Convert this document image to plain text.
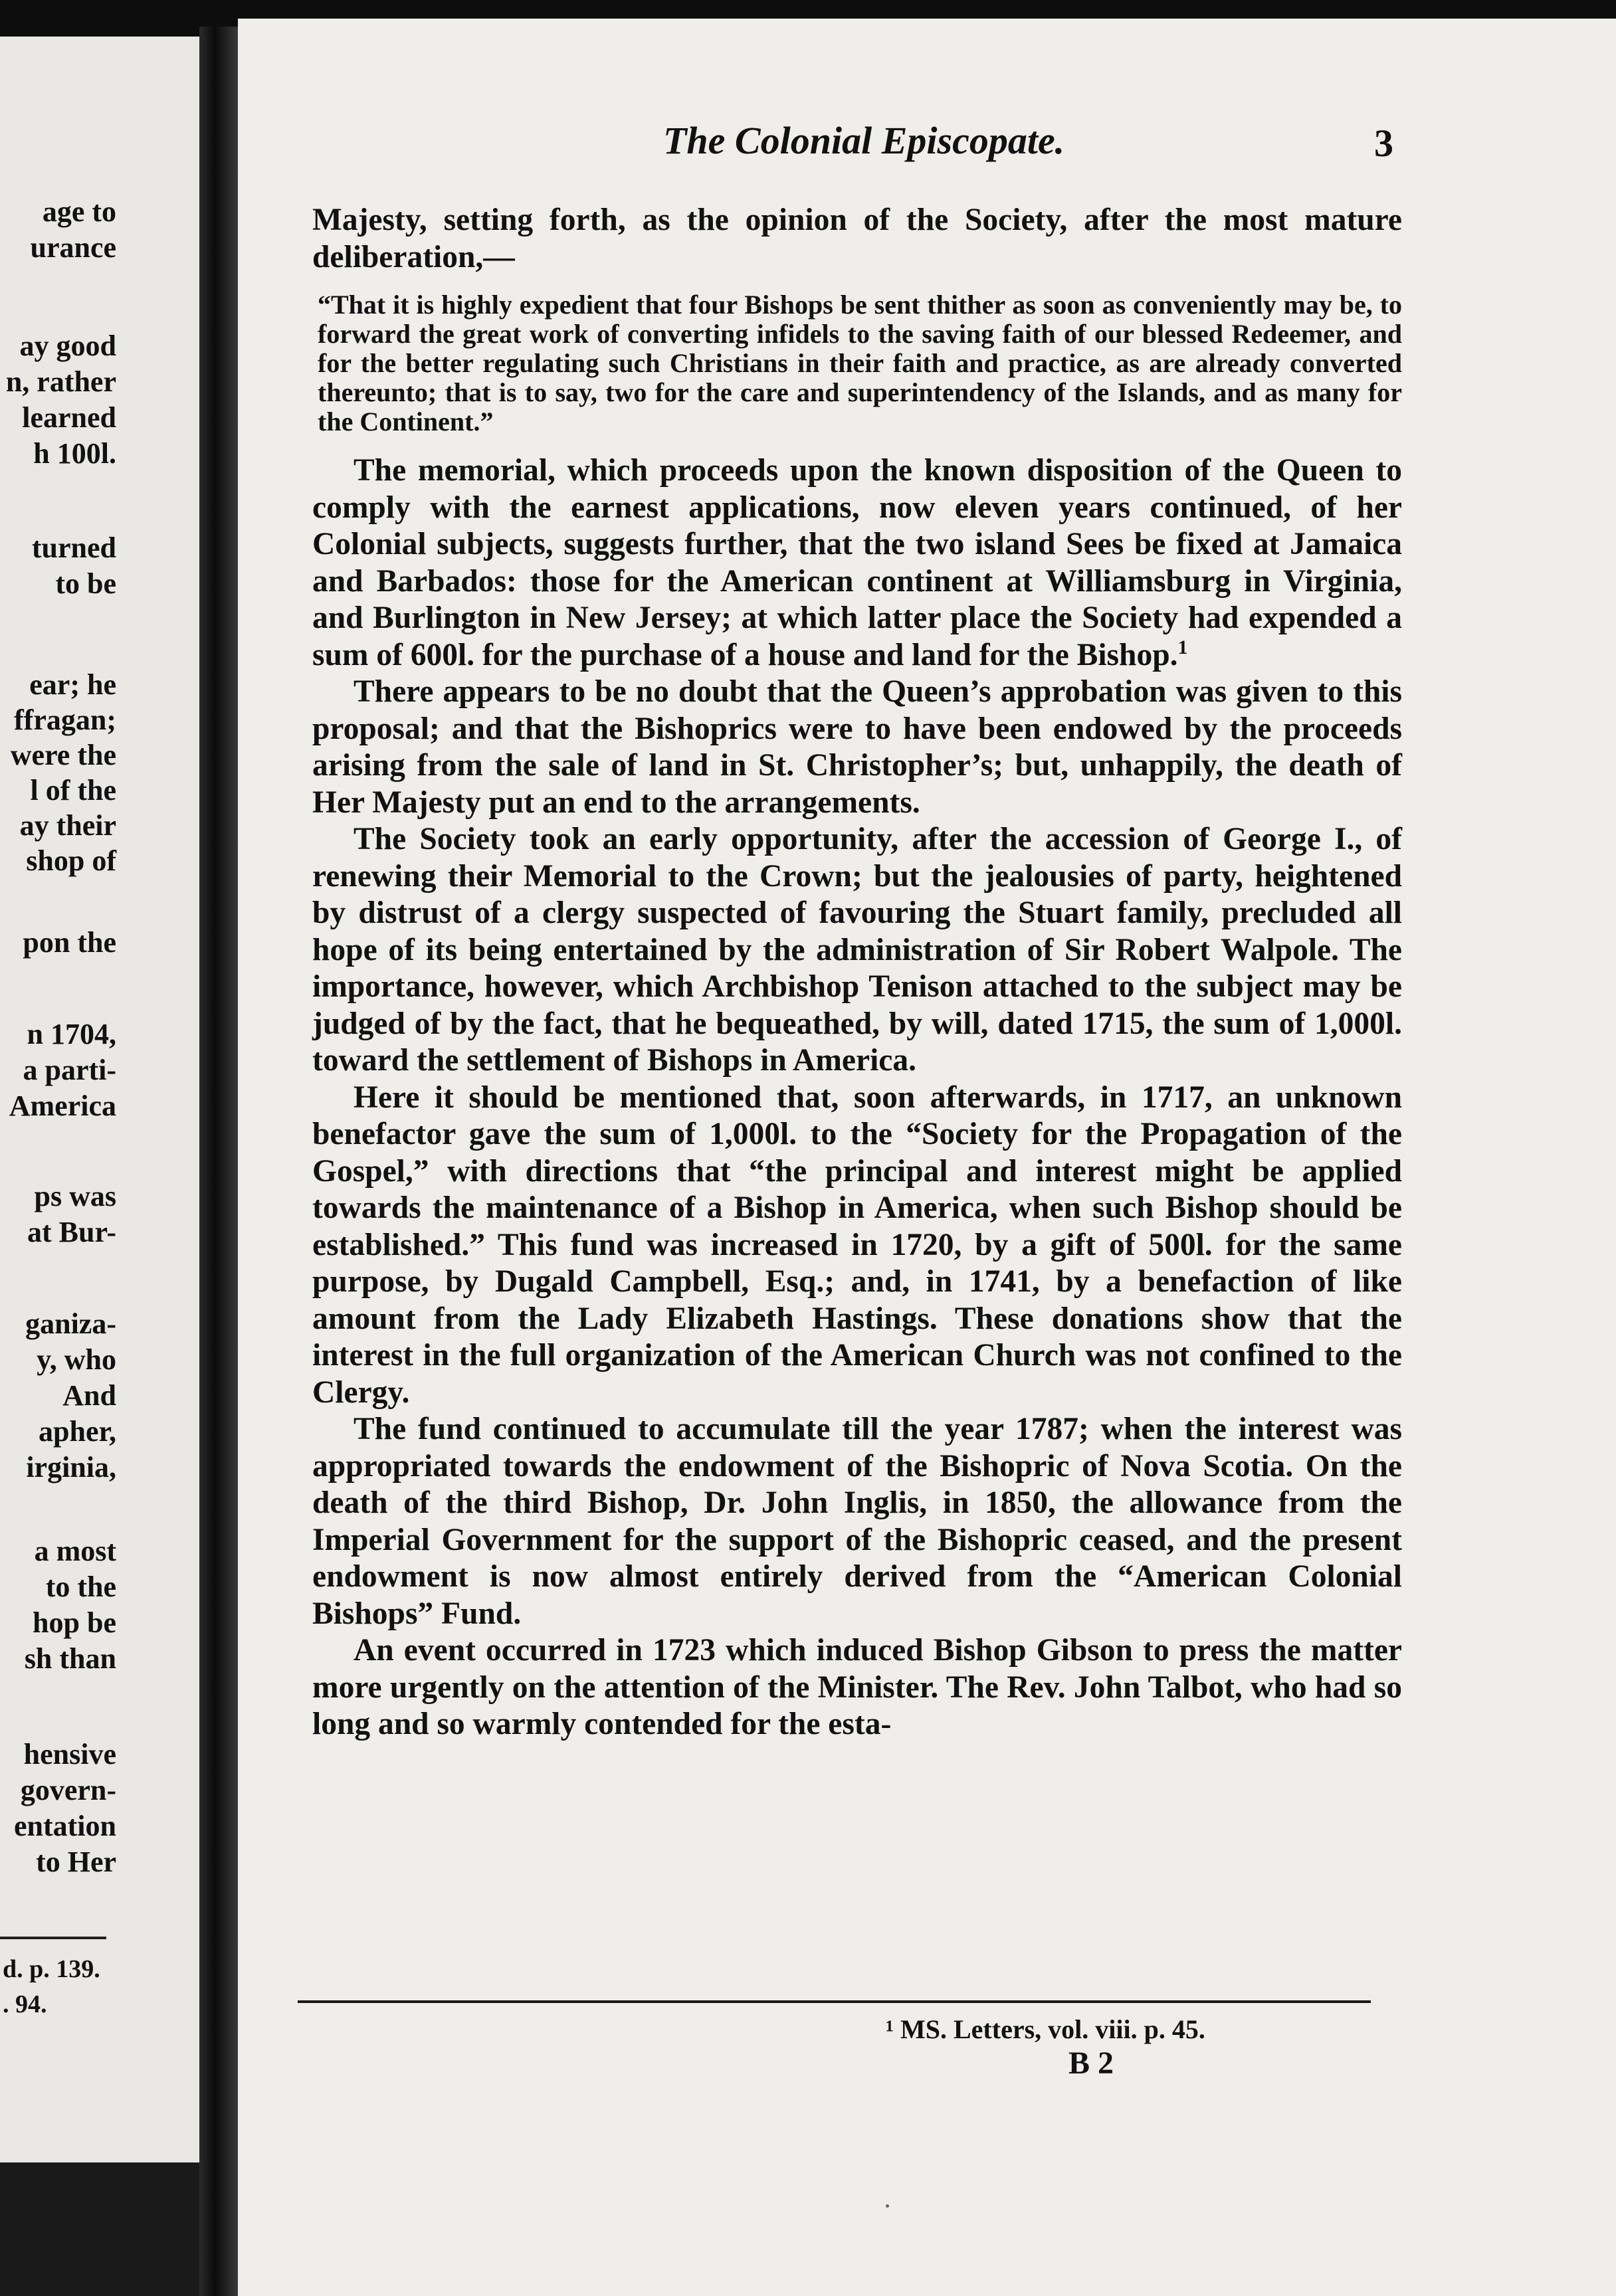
age to
urance
ay good
n, rather
learned
h 100l.
turned
to be
ear; he
ffragan;
were the
l of the
ay their
shop of
pon the
n 1704,
a parti-
America
ps was
at Bur-
ganiza-
y, who
And
apher,
irginia,
a most
to the
hop be
sh than
hensive
govern-
entation
to Her
d. p. 139.
. 94.
The Colonial Episcopate.	3

Majesty, setting forth, as the opinion of the Society, after the most mature deliberation,—

“That it is highly expedient that four Bishops be sent thither as soon as conveniently may be, to forward the great work of converting infidels to the saving faith of our blessed Redeemer, and for the better regulating such Christians in their faith and practice, as are already converted thereunto; that is to say, two for the care and superintendency of the Islands, and as many for the Continent.”

The memorial, which proceeds upon the known disposition of the Queen to comply with the earnest applications, now eleven years continued, of her Colonial subjects, suggests further, that the two island Sees be fixed at Jamaica and Barbados: those for the American continent at Williamsburg in Virginia, and Burlington in New Jersey; at which latter place the Society had expended a sum of 600l. for the purchase of a house and land for the Bishop.$^1$

There appears to be no doubt that the Queen’s approbation was given to this proposal; and that the Bishoprics were to have been endowed by the proceeds arising from the sale of land in St. Christopher’s; but, unhappily, the death of Her Majesty put an end to the arrangements.

The Society took an early opportunity, after the accession of George I., of renewing their Memorial to the Crown; but the jealousies of party, heightened by distrust of a clergy suspected of favouring the Stuart family, precluded all hope of its being entertained by the administration of Sir Robert Walpole. The importance, however, which Archbishop Tenison attached to the subject may be judged of by the fact, that he bequeathed, by will, dated 1715, the sum of 1,000l. toward the settlement of Bishops in America.

Here it should be mentioned that, soon afterwards, in 1717, an unknown benefactor gave the sum of 1,000l. to the “Society for the Propagation of the Gospel,” with directions that “the principal and interest might be applied towards the maintenance of a Bishop in America, when such Bishop should be established.” This fund was increased in 1720, by a gift of 500l. for the same purpose, by Dugald Campbell, Esq.; and, in 1741, by a benefaction of like amount from the Lady Elizabeth Hastings. These donations show that the interest in the full organization of the American Church was not confined to the Clergy.

The fund continued to accumulate till the year 1787; when the interest was appropriated towards the endowment of the Bishopric of Nova Scotia. On the death of the third Bishop, Dr. John Inglis, in 1850, the allowance from the Imperial Government for the support of the Bishopric ceased, and the present endowment is now almost entirely derived from the “American Colonial Bishops” Fund.

An event occurred in 1723 which induced Bishop Gibson to press the matter more urgently on the attention of the Minister. The Rev. John Talbot, who had so long and so warmly contended for the esta-

¹ MS. Letters, vol. viii. p. 45.
B 2
